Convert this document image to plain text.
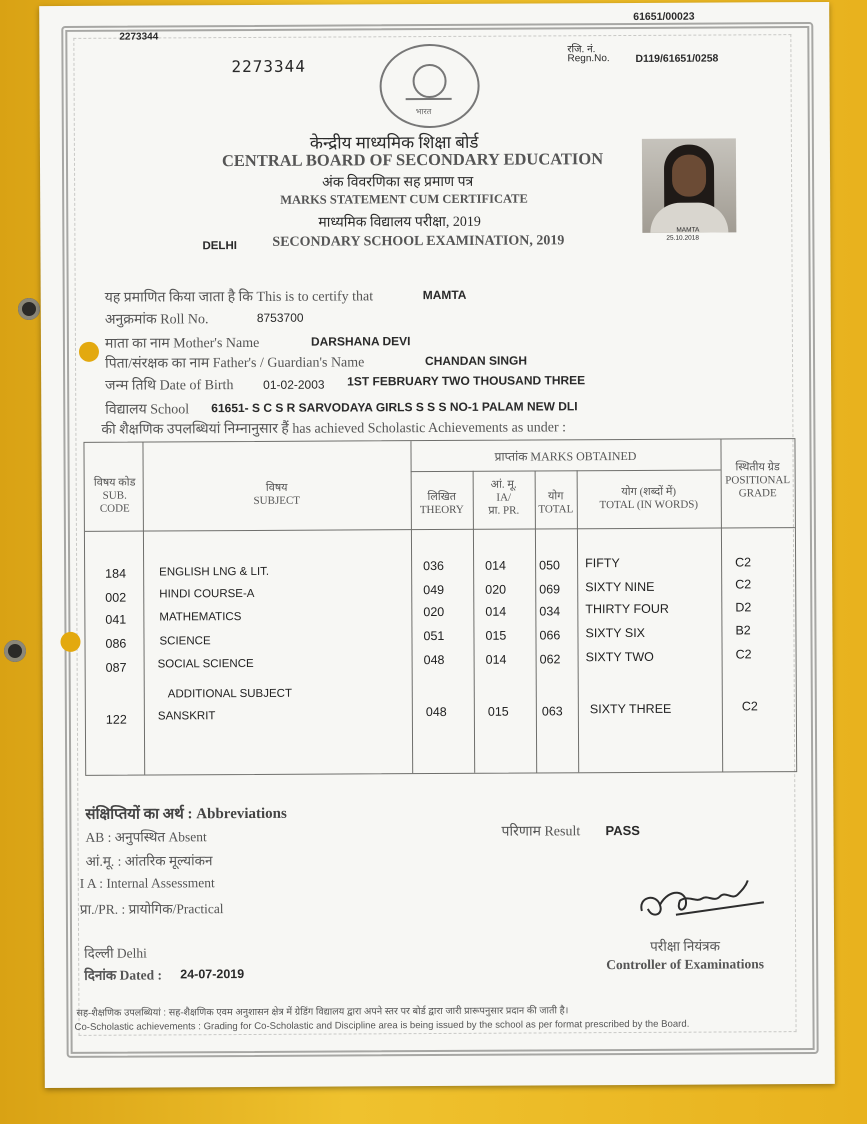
2273344
2273344
61651/00023
रजि. नं.
Regn.No. D119/61651/0258
भारत
केन्द्रीय माध्यमिक शिक्षा बोर्ड
CENTRAL BOARD OF SECONDARY EDUCATION
अंक विवरणिका सह प्रमाण पत्र
MARKS STATEMENT CUM CERTIFICATE
माध्यमिक विद्यालय परीक्षा, 2019
DELHI	SECONDARY SCHOOL EXAMINATION, 2019
MAMTA
25.10.2018
यह प्रमाणित किया जाता है कि This is to certify that	MAMTA
अनुक्रमांक Roll No.	8753700
माता का नाम Mother's Name	DARSHANA DEVI
पिता/संरक्षक का नाम Father's / Guardian's Name	CHANDAN SINGH
जन्म तिथि Date of Birth 01-02-2003 1ST FEBRUARY TWO THOUSAND THREE
विद्यालय School 61651- S C S R SARVODAYA GIRLS S S S NO-1 PALAM NEW DLI
की शैक्षणिक उपलब्धियां निम्नानुसार हैं has achieved Scholastic Achievements as under :
विषय कोड
SUB.
CODE
विषय
SUBJECT
प्राप्तांक MARKS OBTAINED
लिखित
THEORY
आं. मू.
IA/
प्रा. PR.
योग
TOTAL
योग (शब्दों में)
TOTAL (IN WORDS)
स्थितीय ग्रेड
POSITIONAL
GRADE
184	ENGLISH LNG & LIT.	036	014	050 FIFTY	C2
002	HINDI COURSE-A	049	020	069 SIXTY NINE	C2
041	MATHEMATICS	020	014	034 THIRTY FOUR	D2
086	SCIENCE	051	015	066 SIXTY SIX	B2
087	SOCIAL SCIENCE	048	014	062 SIXTY TWO	C2
ADDITIONAL SUBJECT
122	SANSKRIT	048	015	063 SIXTY THREE	C2
संक्षिप्तियों का अर्थ : Abbreviations
AB : अनुपस्थित Absent
आं.मू. : आंतरिक मूल्यांकन
I A : Internal Assessment
प्रा./PR. : प्रायोगिक/Practical
परिणाम Result PASS
दिल्ली Delhi
दिनांक Dated : 24-07-2019
परीक्षा नियंत्रक
Controller of Examinations
सह-शैक्षणिक उपलब्धियां : सह-शैक्षणिक एवम अनुशासन क्षेत्र में ग्रेडिंग विद्यालय द्वारा अपने स्तर पर बोर्ड द्वारा जारी प्रारूपनुसार प्रदान की जाती है।
Co-Scholastic achievements : Grading for Co-Scholastic and Discipline area is being issued by the school as per format prescribed by the Board.
